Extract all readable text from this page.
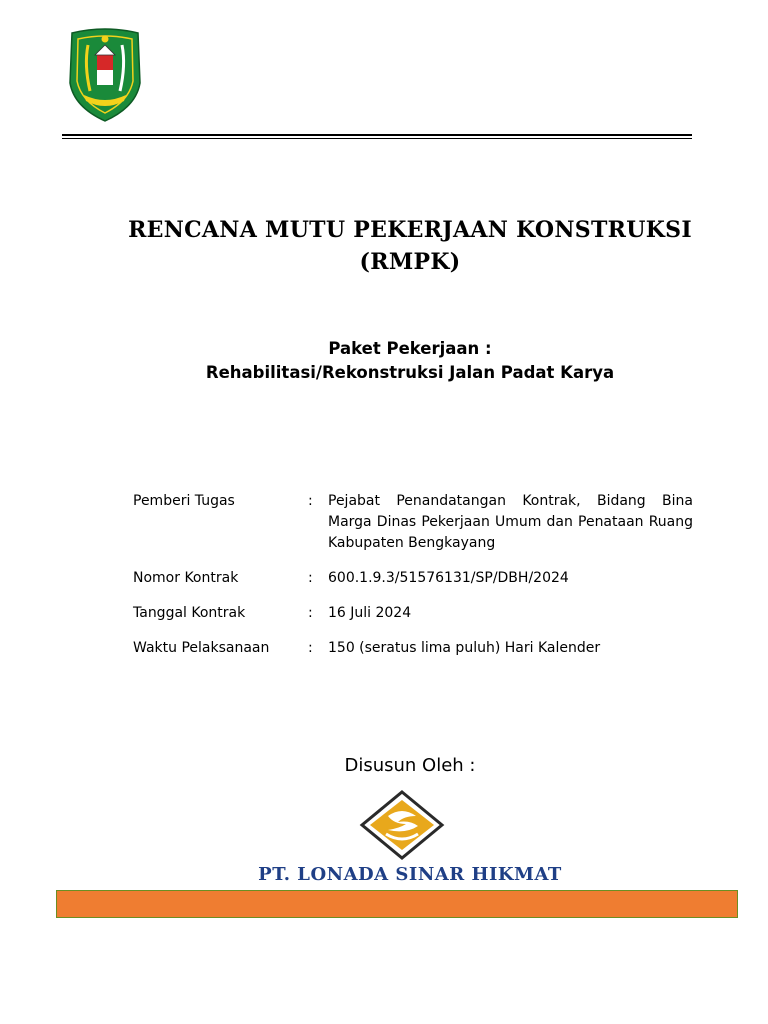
RENCANA MUTU PEKERJAAN KONSTRUKSI
(RMPK)
Paket Pekerjaan :
Rehabilitasi/Rekonstruksi Jalan Padat Karya
Pemberi Tugas	:	Pejabat Penandatangan Kontrak, Bidang Bina Marga Dinas Pekerjaan Umum dan Penataan Ruang Kabupaten Bengkayang
Nomor Kontrak	:	600.1.9.3/51576131/SP/DBH/2024
Tanggal Kontrak	:	16 Juli 2024
Waktu Pelaksanaan	:	150 (seratus lima puluh) Hari Kalender
Disusun Oleh :
PT. LONADA SINAR HIKMAT
